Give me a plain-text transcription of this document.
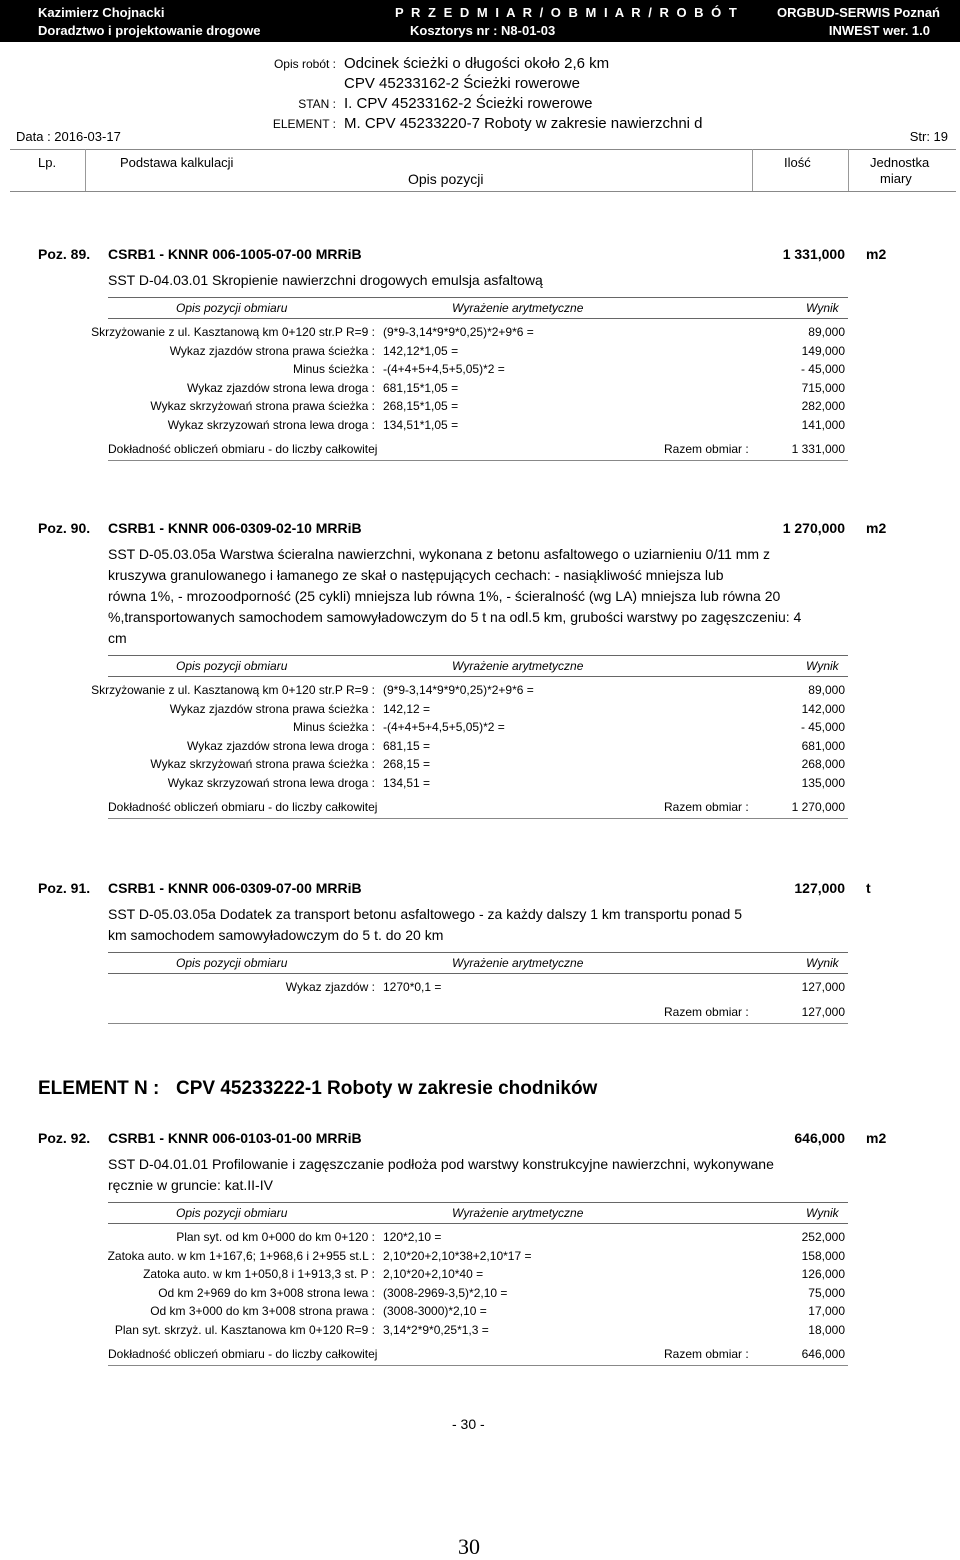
Kazimierz Chojnacki
Doradztwo i projektowanie drogowe
P R Z E D M I A R / O B M I A R / R O B Ó T
Kosztorys nr : N8-01-03
ORGBUD-SERWIS Poznań
INWEST wer. 1.0
Opis robót : Odcinek ścieżki o długości około 2,6 km
CPV 45233162-2 Ścieżki rowerowe
STAN : I. CPV 45233162-2 Ścieżki rowerowe
ELEMENT : M. CPV 45233220-7 Roboty w zakresie nawierzchni d
Data : 2016-03-17	Str: 19
Lp.	Podstawa kalkulacji
Opis pozycji
Ilość	Jednostka
miary
Poz. 89. CSRB1 - KNNR 006-1005-07-00 MRRiB	1 331,000 m2
SST D-04.03.01 Skropienie nawierzchni drogowych emulsja asfaltową
Opis pozycji obmiaru	Wyrażenie arytmetyczne	Wynik
Skrzyżowanie z ul. Kasztanową km 0+120 str.P R=9 : (9*9-3,14*9*9*0,25)*2+9*6 =	89,000
Wykaz zjazdów strona prawa ścieżka : 142,12*1,05 =	149,000
Minus ścieżka : -(4+4+5+4,5+5,05)*2 =	- 45,000
Wykaz zjazdów strona lewa droga : 681,15*1,05 =	715,000
Wykaz skrzyżowań strona prawa ścieżka : 268,15*1,05 =	282,000
Wykaz skrzyzowań strona lewa droga : 134,51*1,05 =	141,000
Dokładność obliczeń obmiaru - do liczby całkowitej	Razem obmiar :	1 331,000
Poz. 90. CSRB1 - KNNR 006-0309-02-10 MRRiB	1 270,000 m2
SST D-05.03.05a Warstwa ścieralna nawierzchni, wykonana z betonu asfaltowego o uziarnieniu 0/11 mm z
kruszywa granulowanego i łamanego ze skał o następujących cechach: - nasiąkliwość mniejsza lub
równa 1%, - mrozoodporność (25 cykli) mniejsza lub równa 1%, - ścieralność (wg LA) mniejsza lub równa 20
%,transportowanych samochodem samowyładowczym do 5 t na odl.5 km, grubości warstwy po zagęszczeniu: 4
cm
Opis pozycji obmiaru	Wyrażenie arytmetyczne	Wynik
Skrzyżowanie z ul. Kasztanową km 0+120 str.P R=9 : (9*9-3,14*9*9*0,25)*2+9*6 =	89,000
Wykaz zjazdów strona prawa ścieżka : 142,12 =	142,000
Minus ścieżka : -(4+4+5+4,5+5,05)*2 =	- 45,000
Wykaz zjazdów strona lewa droga : 681,15 =	681,000
Wykaz skrzyżowań strona prawa ścieżka : 268,15 =	268,000
Wykaz skrzyzowań strona lewa droga : 134,51 =	135,000
Dokładność obliczeń obmiaru - do liczby całkowitej	Razem obmiar :	1 270,000
Poz. 91. CSRB1 - KNNR 006-0309-07-00 MRRiB	127,000 t
SST D-05.03.05a Dodatek za transport betonu asfaltowego - za każdy dalszy 1 km transportu ponad 5
km samochodem samowyładowczym do 5 t. do 20 km
Opis pozycji obmiaru	Wyrażenie arytmetyczne	Wynik
Wykaz zjazdów : 1270*0,1 =	127,000
Razem obmiar :	127,000
Poz. 92. CSRB1 - KNNR 006-0103-01-00 MRRiB	646,000 m2
SST D-04.01.01 Profilowanie i zagęszczanie podłoża pod warstwy konstrukcyjne nawierzchni, wykonywane
ręcznie w gruncie: kat.II-IV
Opis pozycji obmiaru	Wyrażenie arytmetyczne	Wynik
Plan syt. od km 0+000 do km 0+120 : 120*2,10 =	252,000
Zatoka auto. w km 1+167,6; 1+968,6 i 2+955 st.L : 2,10*20+2,10*38+2,10*17 =	158,000
Zatoka auto. w km 1+050,8 i 1+913,3 st. P : 2,10*20+2,10*40 =	126,000
Od km 2+969 do km 3+008 strona lewa : (3008-2969-3,5)*2,10 =	75,000
Od km 3+000 do km 3+008 strona prawa : (3008-3000)*2,10 =	17,000
Plan syt. skrzyż. ul. Kasztanowa km 0+120 R=9 : 3,14*2*9*0,25*1,3 =	18,000
Dokładność obliczeń obmiaru - do liczby całkowitej	Razem obmiar :	646,000
ELEMENT N : CPV 45233222-1 Roboty w zakresie chodników
- 30 -
30
